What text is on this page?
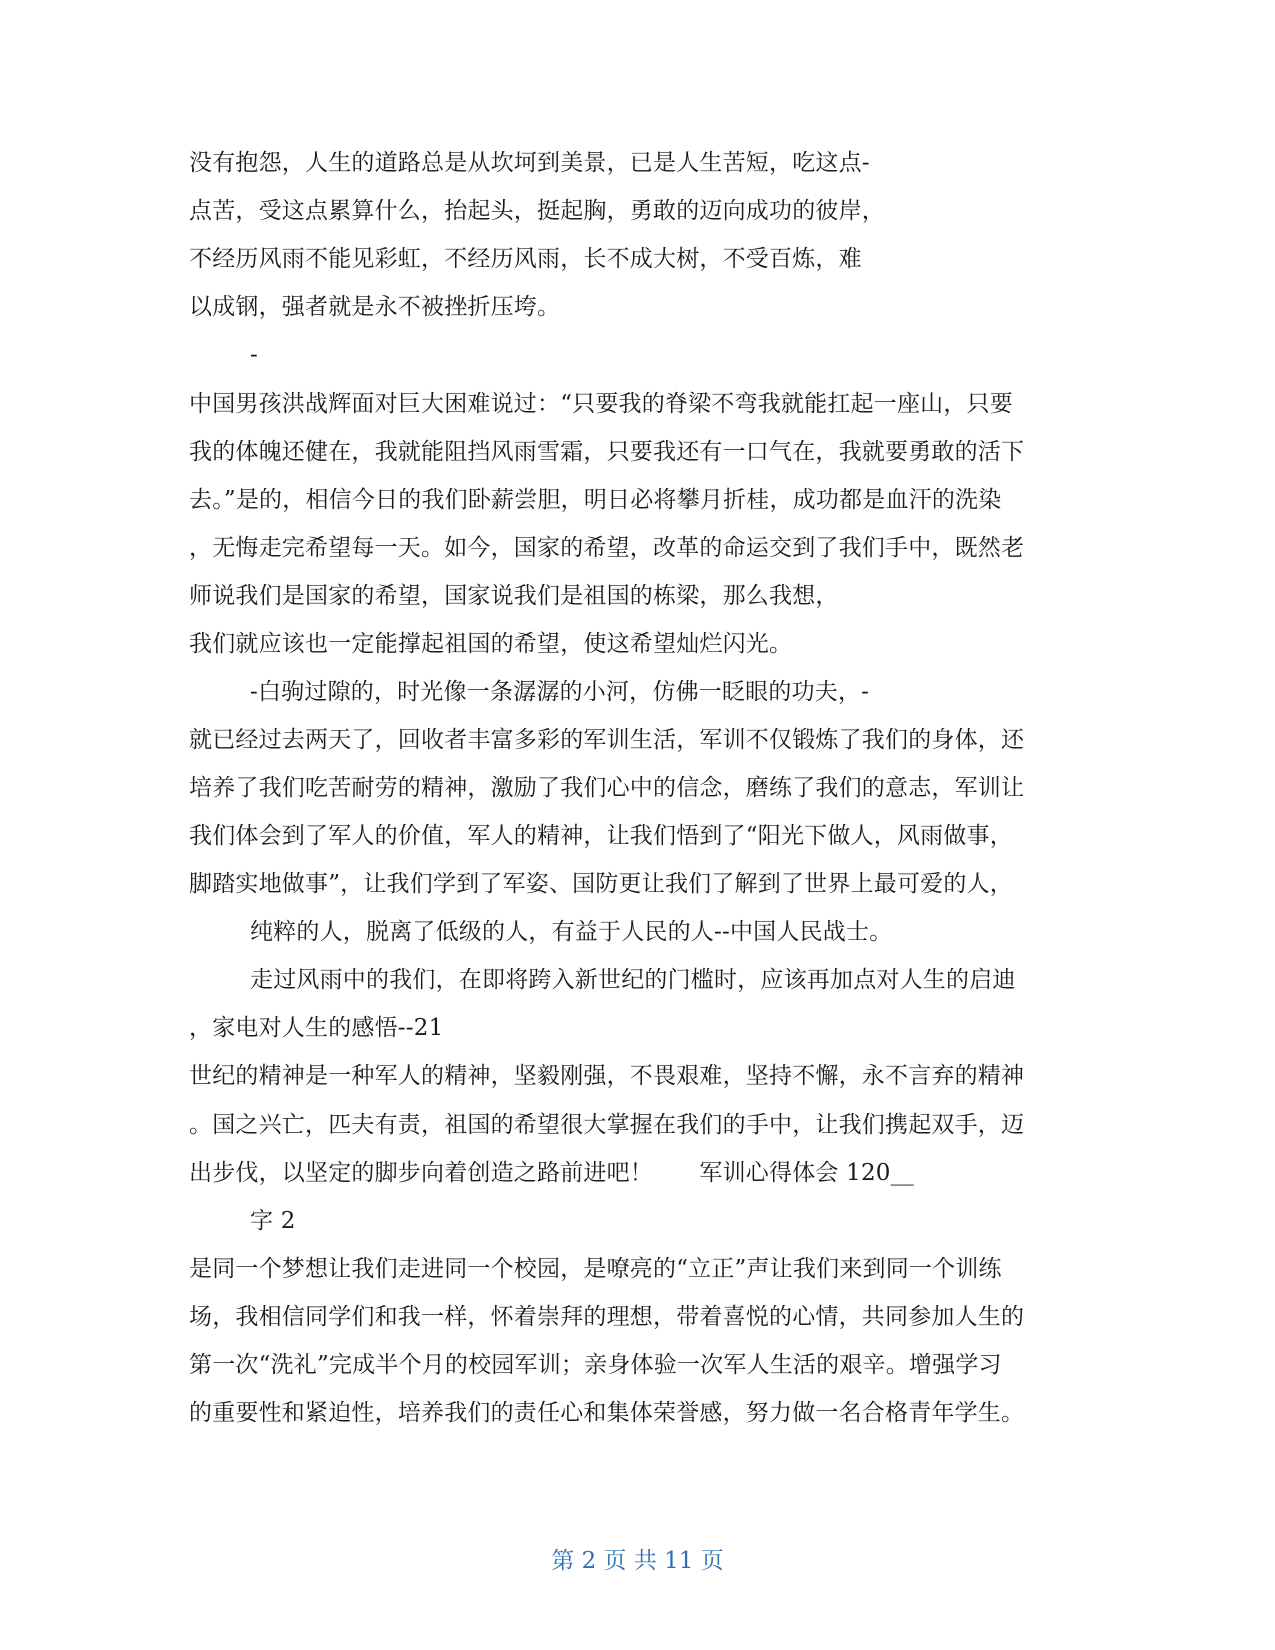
没有抱怨，人生的道路总是从坎坷到美景，已是人生苦短，吃这点-
点苦，受这点累算什么，抬起头，挺起胸，勇敢的迈向成功的彼岸，
不经历风雨不能见彩虹，不经历风雨，长不成大树，不受百炼，难
以成钢，强者就是永不被挫折压垮。
-
中国男孩洪战辉面对巨大困难说过：“只要我的脊梁不弯我就能扛起一座山，只要
我的体魄还健在，我就能阻挡风雨雪霜，只要我还有一口气在，我就要勇敢的活下
去。”是的，相信今日的我们卧薪尝胆，明日必将攀月折桂，成功都是血汗的洗染
，无悔走完希望每一天。如今，国家的希望，改革的命运交到了我们手中，既然老
师说我们是国家的希望，国家说我们是祖国的栋梁，那么我想，
我们就应该也一定能撑起祖国的希望，使这希望灿烂闪光。
-白驹过隙的，时光像一条潺潺的小河，仿佛一眨眼的功夫，-
就已经过去两天了，回收者丰富多彩的军训生活，军训不仅锻炼了我们的身体，还
培养了我们吃苦耐劳的精神，激励了我们心中的信念，磨练了我们的意志，军训让
我们体会到了军人的价值，军人的精神，让我们悟到了“阳光下做人，风雨做事，
脚踏实地做事”，让我们学到了军姿、国防更让我们了解到了世界上最可爱的人，
纯粹的人，脱离了低级的人，有益于人民的人--中国人民战士。
走过风雨中的我们，在即将跨入新世纪的门槛时，应该再加点对人生的启迪
，家电对人生的感悟--21
世纪的精神是一种军人的精神，坚毅刚强，不畏艰难，坚持不懈，永不言弃的精神
。国之兴亡，匹夫有责，祖国的希望很大掌握在我们的手中，让我们携起双手，迈
出步伐，以坚定的脚步向着创造之路前进吧！　　军训心得体会 120__
字 2
是同一个梦想让我们走进同一个校园，是嘹亮的“立正”声让我们来到同一个训练
场，我相信同学们和我一样，怀着崇拜的理想，带着喜悦的心情，共同参加人生的
第一次“洗礼”完成半个月的校园军训；亲身体验一次军人生活的艰辛。增强学习
的重要性和紧迫性，培养我们的责任心和集体荣誉感，努力做一名合格青年学生。
第 2 页 共 11 页
